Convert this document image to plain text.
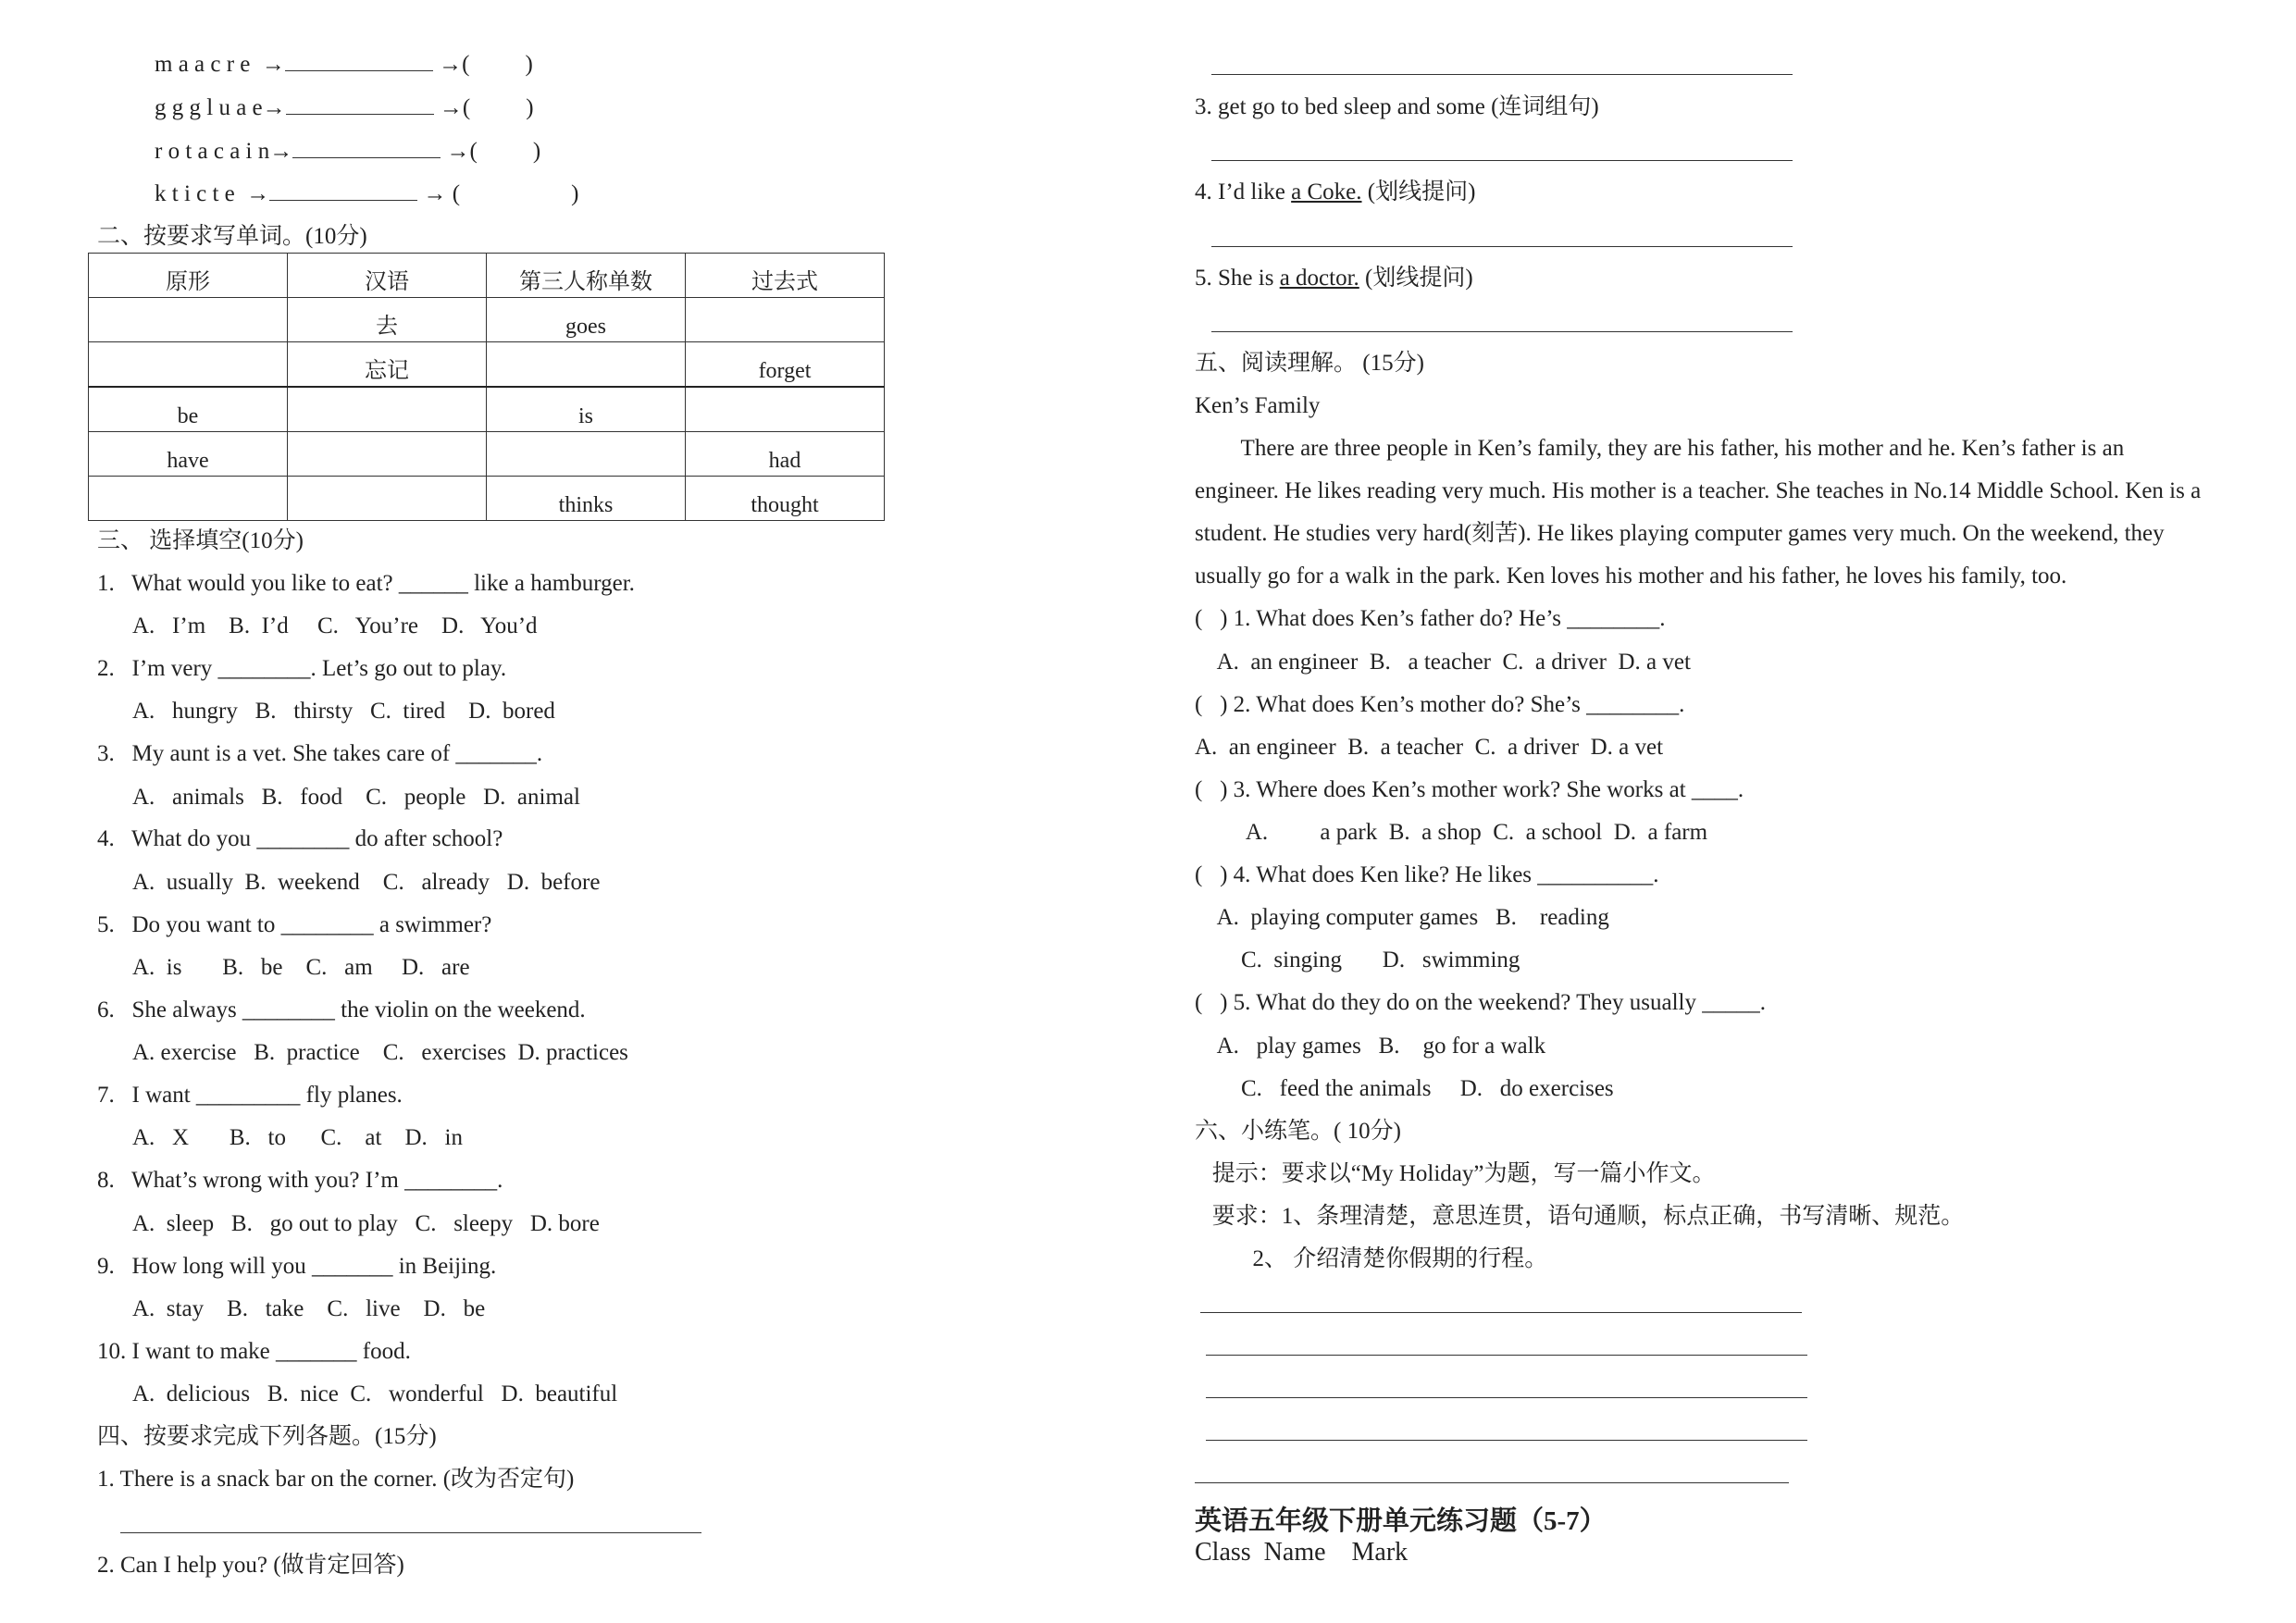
m a a c r e  →	→( )
g g g l u a e→	→( )
r o t a c a i n→	→( )
k t i c t e  →	→ (	)
二、按要求写单词。(10分)
原形	汉语	第三人称单数	过去式
	去	goes	
	忘记		forget
be		is	
have			had
		thinks	thought
三、 选择填空(10分)
1.   What would you like to eat? ______ like a hamburger.
A.   I’m    B.  I’d     C.   You’re    D.   You’d
2.   I’m very ________. Let’s go out to play.
A.   hungry   B.   thirsty   C.  tired    D.  bored
3.   My aunt is a vet. She takes care of _______.
A.   animals   B.   food    C.   people   D.  animal
4.   What do you ________ do after school?
A.  usually  B.  weekend    C.   already   D.  before
5.   Do you want to ________ a swimmer?
A.  is       B.   be    C.   am     D.   are
6.   She always ________ the violin on the weekend.
A. exercise   B.  practice    C.   exercises  D. practices
7.   I want _________ fly planes.
A.   X       B.   to      C.    at    D.   in
8.   What’s wrong with you? I’m ________.
A.  sleep   B.   go out to play   C.   sleepy   D. bore
9.   How long will you _______ in Beijing.
A.  stay    B.   take    C.   live    D.   be
10. I want to make _______ food.
A.  delicious   B.  nice  C.   wonderful   D.  beautiful
四、按要求完成下列各题。(15分)
1. There is a snack bar on the corner. (改为否定句)
2. Can I help you? (做肯定回答)
3. get go to bed sleep and some (连词组句)
4. I’d like a Coke. (划线提问)
5. She is a doctor. (划线提问)
五、阅读理解。 (15分)
Ken’s Family
There are three people in Ken’s family, they are his father, his mother and he. Ken’s father is an
engineer. He likes reading very much. His mother is a teacher. She teaches in No.14 Middle School. Ken is a
student. He studies very hard(刻苦). He likes playing computer games very much. On the weekend, they
usually go for a walk in the park. Ken loves his mother and his father, he loves his family, too.
(   ) 1. What does Ken’s father do? He’s ________.
A.  an engineer  B.   a teacher  C.  a driver  D. a vet
(   ) 2. What does Ken’s mother do? She’s ________.
A.  an engineer  B.  a teacher  C.  a driver  D. a vet
(   ) 3. Where does Ken’s mother work? She works at ____.
A.         a park  B.  a shop  C.  a school  D.  a farm
(   ) 4. What does Ken like? He likes __________.
A.  playing computer games   B.    reading
C.  singing       D.   swimming
(   ) 5. What do they do on the weekend? They usually _____.
A.   play games   B.    go for a walk
C.   feed the animals     D.   do exercises
六、小练笔。( 10分)
提示：要求以“My Holiday”为题，写一篇小作文。
要求：1、条理清楚，意思连贯，语句通顺，标点正确，书写清晰、规范。
2、 介绍清楚你假期的行程。
英语五年级下册单元练习题（5-7）
Class  Name    Mark
